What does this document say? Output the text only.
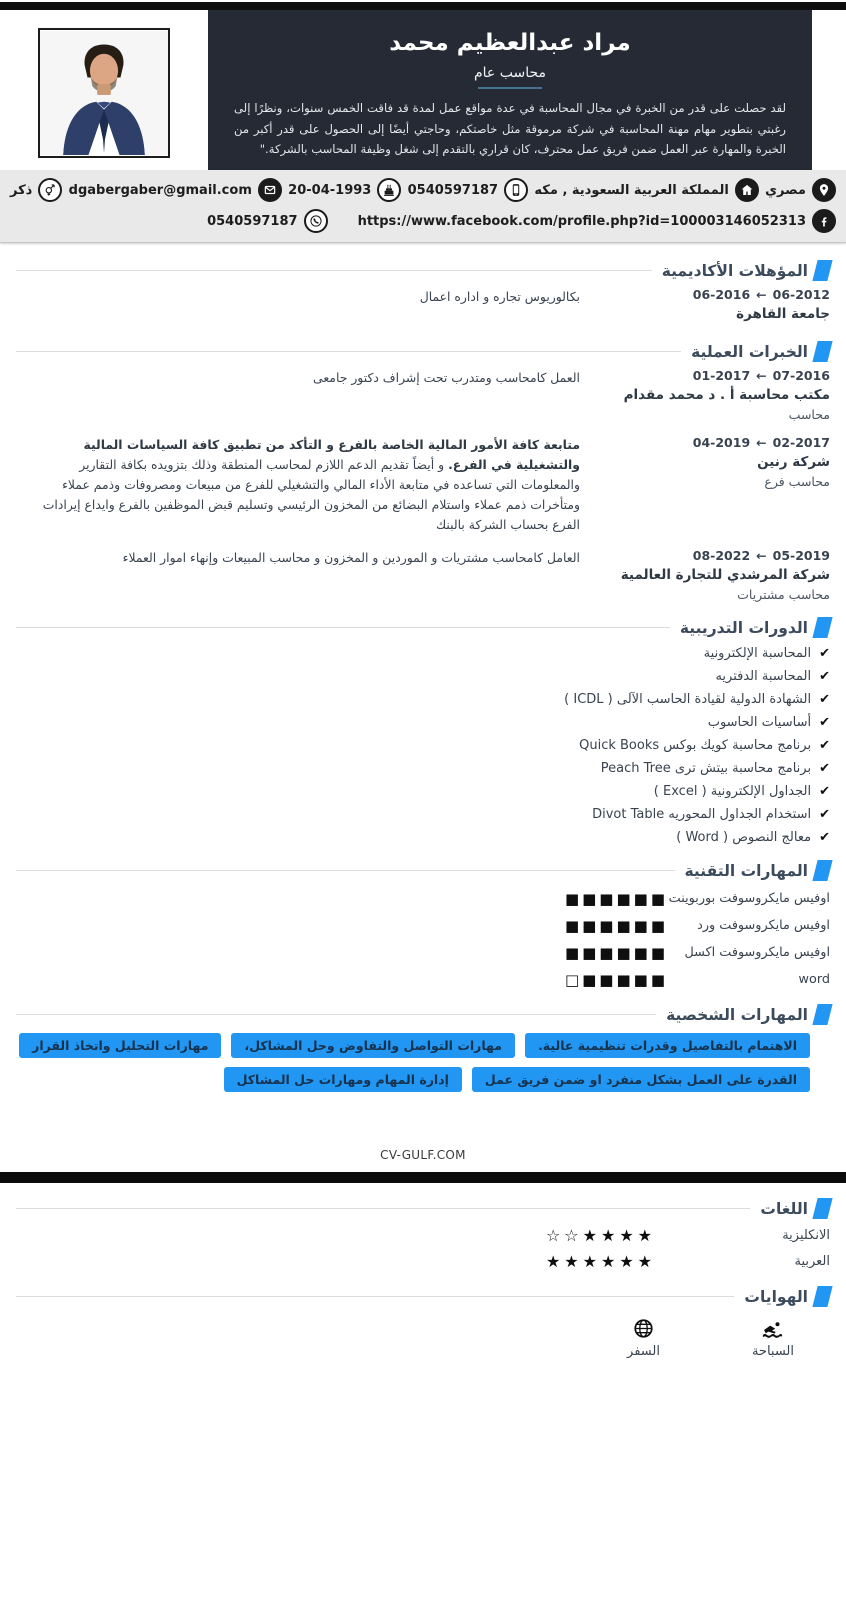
مراد عبدالعظيم محمد
محاسب عام
لقد حصلت على قدر من الخبرة في مجال المحاسبة في عدة مواقع عمل لمدة قد فاقت الخمس سنوات، ونظرًا إلى رغبتي بتطوير مهام مهنة المحاسبة في شركة مرموقة مثل خاصتكم، وحاجتي أيضًا إلى الحصول على قدر أكبر من الخبرة والمهارة عبر العمل ضمن فريق عمل محترف، كان قراري بالتقدم إلى شغل وظيفة المحاسب بالشركة."
مصري
المملكة العربية السعودية , مكه
0540597187
20-04-1993
dgabergaber@gmail.com
ذكر
https://www.facebook.com/profile.php?id=100003146052313
0540597187
المؤهلات الأكاديمية
06-2012
←
06-2016
جامعة القاهرة
بكالوريوس تجاره و اداره اعمال
الخبرات العملية
07-2016
←
01-2017
مكتب محاسبة أ . د محمد مقدام
محاسب
العمل كامحاسب ومتدرب تحت إشراف دكتور جامعى
02-2017
←
04-2019
شركة رنين
محاسب فرع
متابعة كافة الأمور المالية الخاصة بالفرع و التأكد من تطبيق كافة السياسات المالية والتشغيلية في الفرع. و أيضاً تقديم الدعم اللازم لمحاسب المنطقة وذلك بتزويده بكافة التقارير والمعلومات التي تساعده في متابعة الأداء المالي والتشغيلي للفرع من مبيعات ومصروفات وذمم عملاء ومتأخرات ذمم عملاء واستلام البضائع من المخزون الرئيسي وتسليم قبض الموظفين بالفرع وايداع إيرادات الفرع بحساب الشركة بالبنك
05-2019
←
08-2022
شركة المرشدي للتجارة العالمية
محاسب مشتريات
العامل كامحاسب مشتريات و الموردين و المخزون و محاسب المبيعات وإنهاء اموار العملاء
الدورات التدريبية
✔
المحاسبة الإلكترونية
✔
المحاسبة الدفتريه
✔
الشهادة الدولية لقيادة الحاسب الآلى ( ICDL )
✔
أساسيات الحاسوب
✔
برنامج محاسبة كويك بوكس Quick Books
✔
برنامج محاسبة بيتش ترى Peach Tree
✔
الجداول الإلكترونية ( Excel )
✔
استخدام الجداول المحوريه Divot Table
✔
معالج النصوص ( Word )
المهارات التقنية
اوفيس مايكروسوفت بوربوينت
■■■■■■
اوفيس مايكروسوفت ورد
■■■■■■
اوفيس مايكروسوفت اكسل
■■■■■■
word
■■■■■□
المهارات الشخصية
الاهتمام بالتفاصيل وقدرات تنظيمية عالية.
مهارات التواصل والتفاوض وحل المشاكل،
مهارات التحليل واتخاذ القرار
القدرة على العمل بشكل منفرد او ضمن فريق عمل
إدارة المهام ومهارات حل المشاكل
CV-GULF.COM
اللغات
الانكليزية
★★★★☆☆
العربية
★★★★★★
الهوايات
السباحة
السفر
